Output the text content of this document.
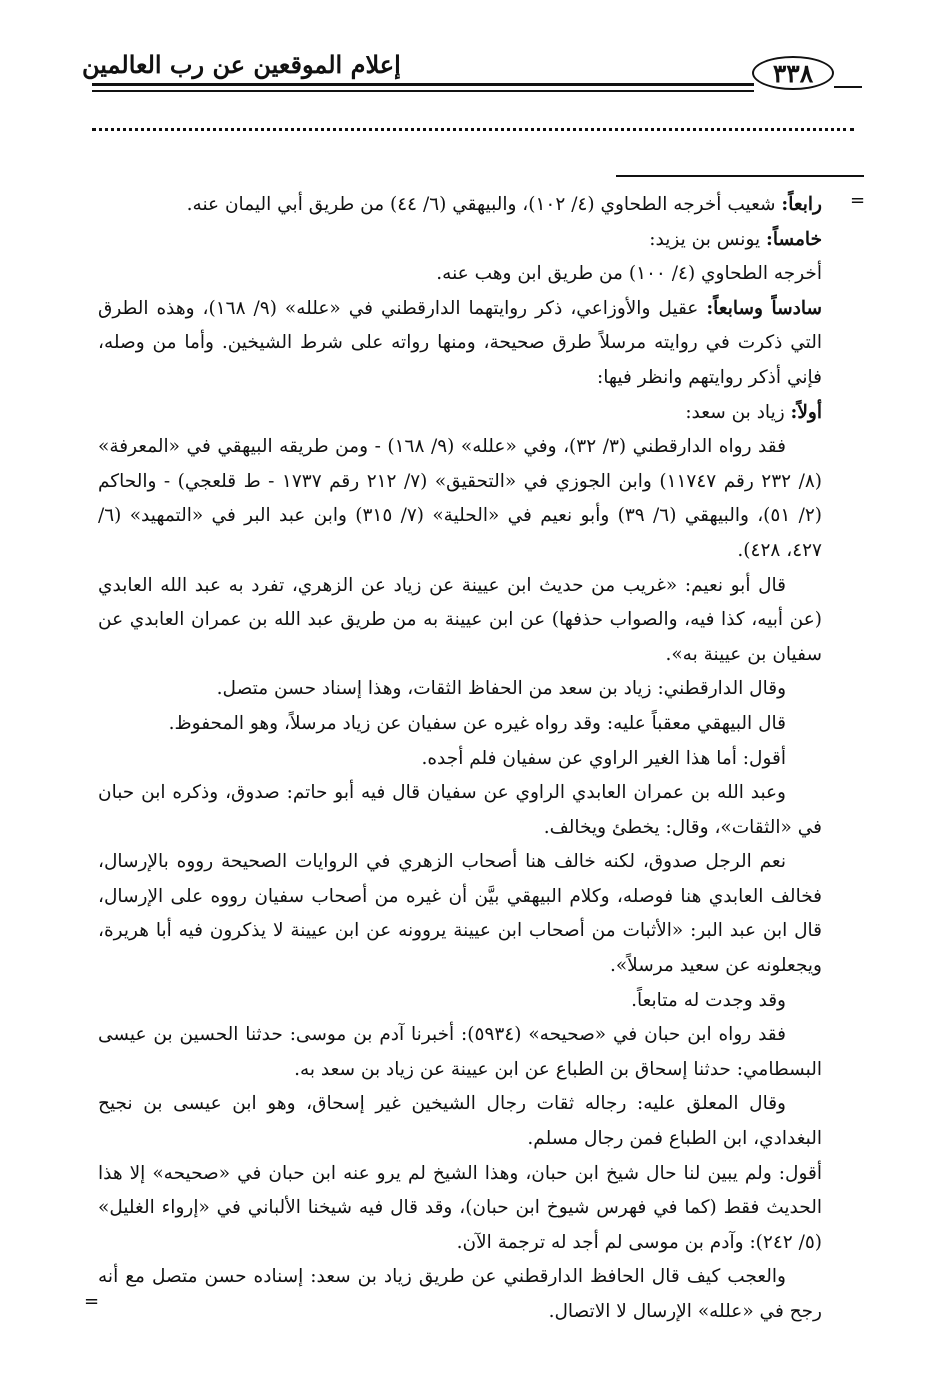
إعلام الموقعين عن رب العالمين	٣٣٨
=
=

رابعاً: شعيب أخرجه الطحاوي (٤/ ١٠٢)، والبيهقي (٦/ ٤٤) من طريق أبي اليمان عنه.

خامساً: يونس بن يزيد:

أخرجه الطحاوي (٤/ ١٠٠) من طريق ابن وهب عنه.

سادساً وسابعاً: عقيل والأوزاعي، ذكر روايتهما الدارقطني في «علله» (٩/ ١٦٨)، وهذه الطرق التي ذكرت في روايته مرسلاً طرق صحيحة، ومنها رواته على شرط الشيخين. وأما من وصله، فإني أذكر روايتهم وانظر فيها:

أولاً: زياد بن سعد:

فقد رواه الدارقطني (٣/ ٣٢)، وفي «علله» (٩/ ١٦٨) - ومن طريقه البيهقي في «المعرفة» (٨/ ٢٣٢ رقم ١١٧٤٧) وابن الجوزي في «التحقيق» (٧/ ٢١٢ رقم ١٧٣٧ - ط قلعجي) - والحاكم (٢/ ٥١)، والبيهقي (٦/ ٣٩) وأبو نعيم في «الحلية» (٧/ ٣١٥) وابن عبد البر في «التمهيد» (٦/ ٤٢٧، ٤٢٨).

قال أبو نعيم: «غريب من حديث ابن عيينة عن زياد عن الزهري، تفرد به عبد الله العابدي (عن أبيه، كذا فيه، والصواب حذفها) عن ابن عيينة به من طريق عبد الله بن عمران العابدي عن سفيان بن عيينة به».

وقال الدارقطني: زياد بن سعد من الحفاظ الثقات، وهذا إسناد حسن متصل.

قال البيهقي معقباً عليه: وقد رواه غيره عن سفيان عن زياد مرسلاً، وهو المحفوظ.

أقول: أما هذا الغير الراوي عن سفيان فلم أجده.

وعبد الله بن عمران العابدي الراوي عن سفيان قال فيه أبو حاتم: صدوق، وذكره ابن حبان في «الثقات»، وقال: يخطئ ويخالف.

نعم الرجل صدوق، لكنه خالف هنا أصحاب الزهري في الروايات الصحيحة رووه بالإرسال، فخالف العابدي هنا فوصله، وكلام البيهقي بيَّن أن غيره من أصحاب سفيان رووه على الإرسال، قال ابن عبد البر: «الأثبات من أصحاب ابن عيينة يروونه عن ابن عيينة لا يذكرون فيه أبا هريرة، ويجعلونه عن سعيد مرسلاً».

وقد وجدت له متابعاً.

فقد رواه ابن حبان في «صحيحه» (٥٩٣٤): أخبرنا آدم بن موسى: حدثنا الحسين بن عيسى البسطامي: حدثنا إسحاق بن الطباع عن ابن عيينة عن زياد بن سعد به.

وقال المعلق عليه: رجاله ثقات رجال الشيخين غير إسحاق، وهو ابن عيسى بن نجيح البغدادي، ابن الطباع فمن رجال مسلم.

أقول: ولم يبين لنا حال شيخ ابن حبان، وهذا الشيخ لم يرو عنه ابن حبان في «صحيحه» إلا هذا الحديث فقط (كما في فهرس شيوخ ابن حبان)، وقد قال فيه شيخنا الألباني في «إرواء الغليل» (٥/ ٢٤٢): وآدم بن موسى لم أجد له ترجمة الآن.

والعجب كيف قال الحافظ الدارقطني عن طريق زياد بن سعد: إسناده حسن متصل مع أنه رجح في «علله» الإرسال لا الاتصال.
